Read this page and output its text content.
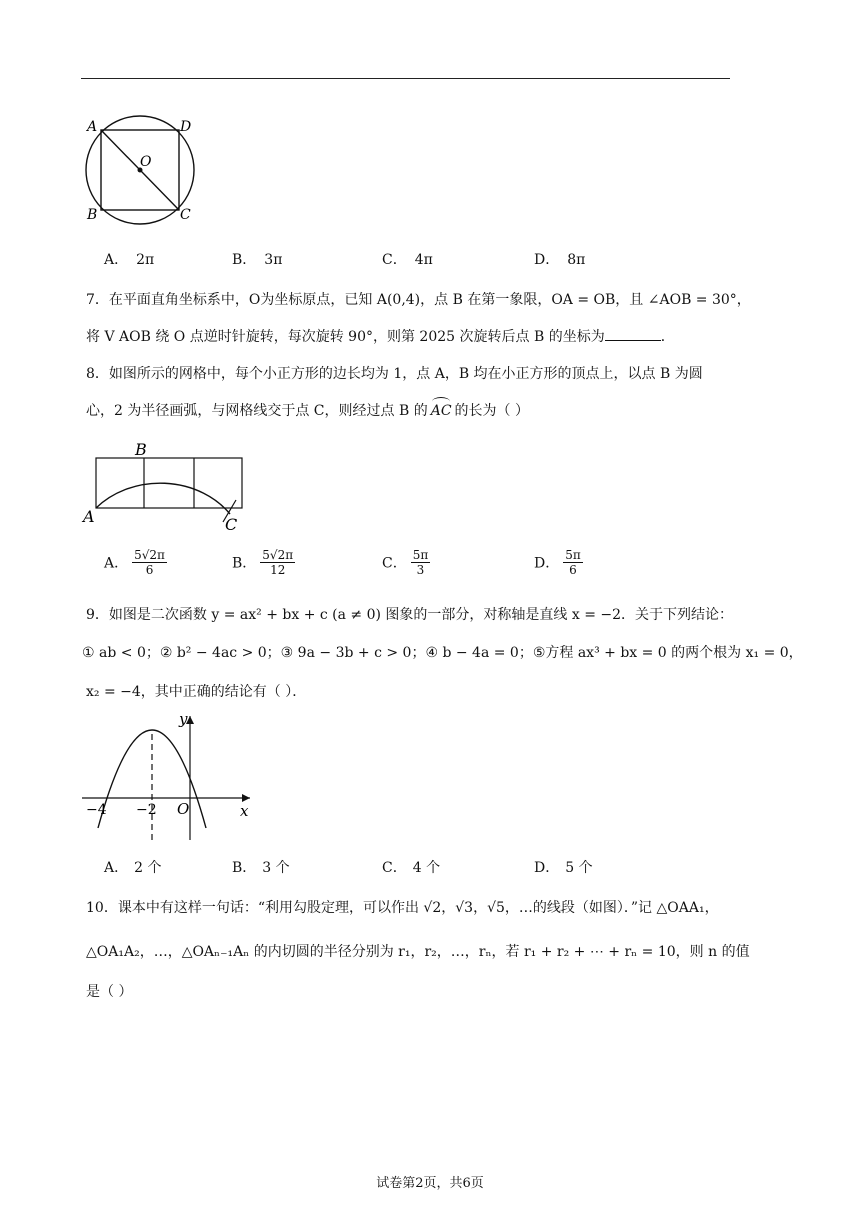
A	D
O
B	C
A． 2π	B． 3π	C． 4π	D． 8π
7．在平面直角坐标系中，O为坐标原点，已知 A(0,4)，点 B 在第一象限，OA = OB，且 ∠AOB = 30°，
将 V AOB 绕 O 点逆时针旋转，每次旋转 90°，则第 2025 次旋转后点 B 的坐标为	．
8．如图所示的网格中，每个小正方形的边长均为 1，点 A，B 均在小正方形的顶点上，以点 B 为圆
心，2 为半径画弧，与网格线交于点 C，则经过点 B 的 AC 的长为（ ）
A
B
C
A． $\frac{5√2\pi}{6}$	B． $\frac{5√2\pi}{12}$	C． $\frac{5\pi}{3}$	D． $\frac{5\pi}{6}$
9．如图是二次函数 y = ax² + bx + c (a ≠ 0) 图象的一部分，对称轴是直线 x = −2．关于下列结论：
① ab < 0；② b² − 4ac > 0；③ 9a − 3b + c > 0；④ b − 4a = 0；⑤方程 ax³ + bx = 0 的两个根为 x₁ = 0，
x₂ = −4，其中正确的结论有（ ）．
y
x
O
−4 −2
A． 2 个	B． 3 个	C． 4 个	D． 5 个
10．课本中有这样一句话：“利用勾股定理，可以作出 √2，√3，√5，…的线段（如图）．”记 △OAA₁，
△OA₁A₂，…，△OAₙ₋₁Aₙ 的内切圆的半径分别为 r₁，r₂，…，rₙ，若 r₁ + r₂ + ⋯ + rₙ = 10，则 n 的值
是（ ）
试卷第2页，共6页
